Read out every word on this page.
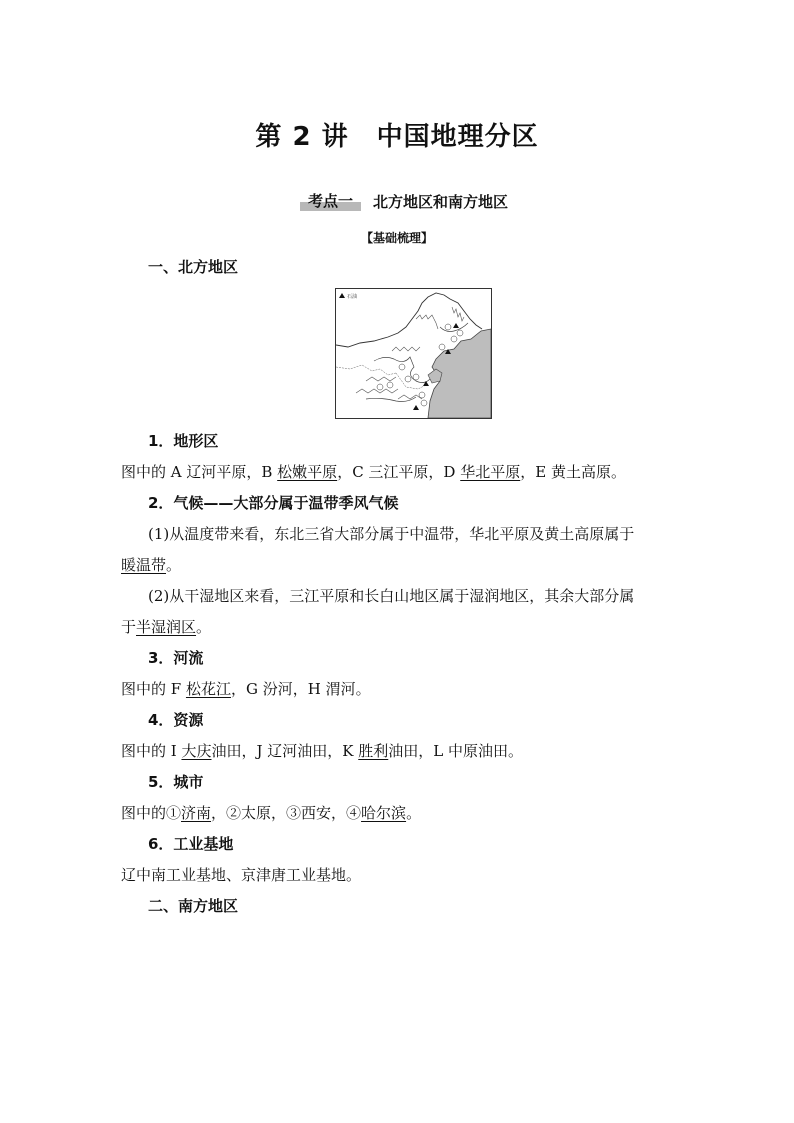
第 2 讲 中国地理分区
考点一	北方地区和南方地区
【基础梳理】
一、北方地区
石油
1．地形区
图中的 A 辽河平原，B 松嫩平原，C 三江平原，D 华北平原，E 黄土高原。
2．气候——大部分属于温带季风气候
(1)从温度带来看，东北三省大部分属于中温带，华北平原及黄土高原属于
暖温带。
(2)从干湿地区来看，三江平原和长白山地区属于湿润地区，其余大部分属
于半湿润区。
3．河流
图中的 F 松花江，G 汾河，H 渭河。
4．资源
图中的 I 大庆油田，J 辽河油田，K 胜利油田，L 中原油田。
5．城市
图中的①济南，②太原，③西安，④哈尔滨。
6．工业基地
辽中南工业基地、京津唐工业基地。
二、南方地区
